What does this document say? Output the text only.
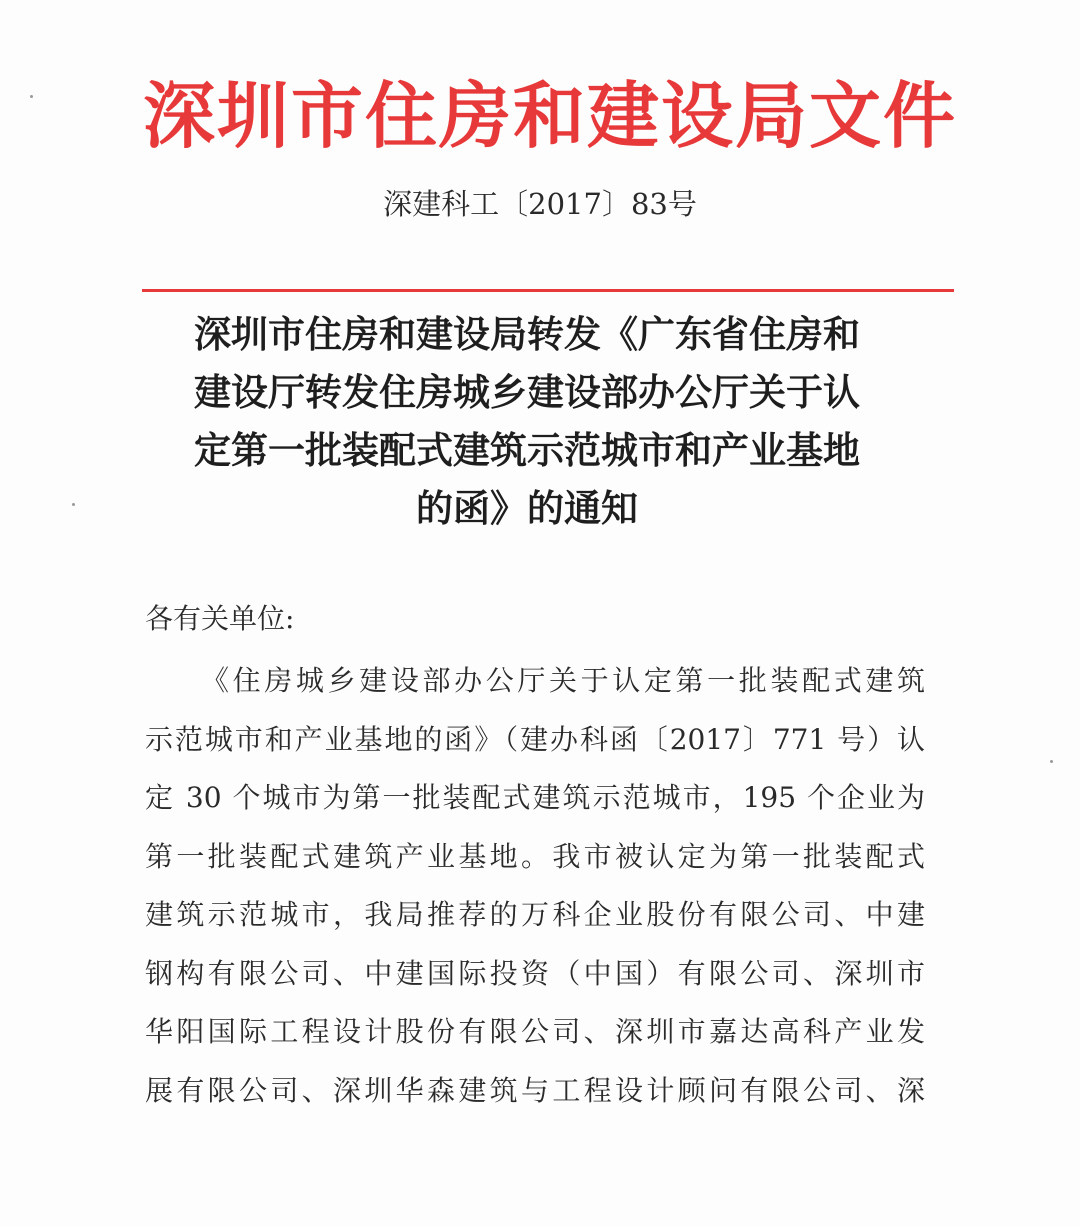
深圳市住房和建设局文件
深建科工〔2017〕83号
深圳市住房和建设局转发《广东省住房和
建设厅转发住房城乡建设部办公厅关于认
定第一批装配式建筑示范城市和产业基地
的函》的通知
各有关单位:
《住房城乡建设部办公厅关于认定第一批装配式建筑
示范城市和产业基地的函》（建办科函〔2017〕771 号）认
定 30 个城市为第一批装配式建筑示范城市，195 个企业为
第一批装配式建筑产业基地。我市被认定为第一批装配式
建筑示范城市，我局推荐的万科企业股份有限公司、中建
钢构有限公司、中建国际投资（中国）有限公司、深圳市
华阳国际工程设计股份有限公司、深圳市嘉达高科产业发
展有限公司、深圳华森建筑与工程设计顾问有限公司、深
